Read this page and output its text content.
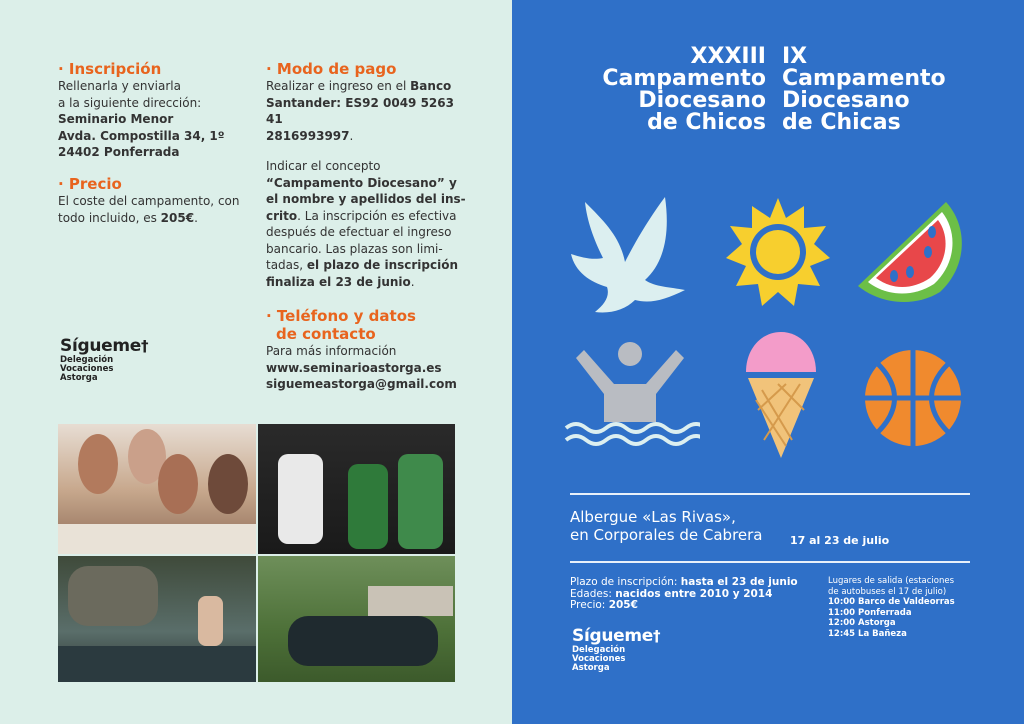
· Inscripción
Rellenarla y enviarla
a la siguiente dirección:
Seminario Menor
Avda. Compostilla 34, 1º
24402 Ponferrada
· Precio
El coste del campamento, con
todo incluido, es 205€.
· Modo de pago
Realizar e ingreso en el Banco
Santander: ES92 0049 5263 41
2816993997.
Indicar el concepto
“Campamento Diocesano” y
el nombre y apellidos del ins-
crito. La inscripción es efectiva
después de efectuar el ingreso
bancario. Las plazas son limi-
tadas, el plazo de inscripción
finaliza el 23 de junio.
· Teléfono y datos
de contacto
Para más información
www.seminarioastorga.es
siguemeastorga@gmail.com
Sígueme†
Delegación
Vocaciones
Astorga
XXXIII
Campamento
Diocesano
de Chicos
IX
Campamento
Diocesano
de Chicas
Albergue «Las Rivas»,
en Corporales de Cabrera	17 al 23 de julio
Plazo de inscripción: hasta el 23 de junio
Edades: nacidos entre 2010 y 2014
Precio: 205€
Lugares de salida (estaciones
de autobuses el 17 de julio)
10:00 Barco de Valdeorras
11:00 Ponferrada
12:00 Astorga
12:45 La Bañeza
Sígueme†
Delegación
Vocaciones
Astorga
